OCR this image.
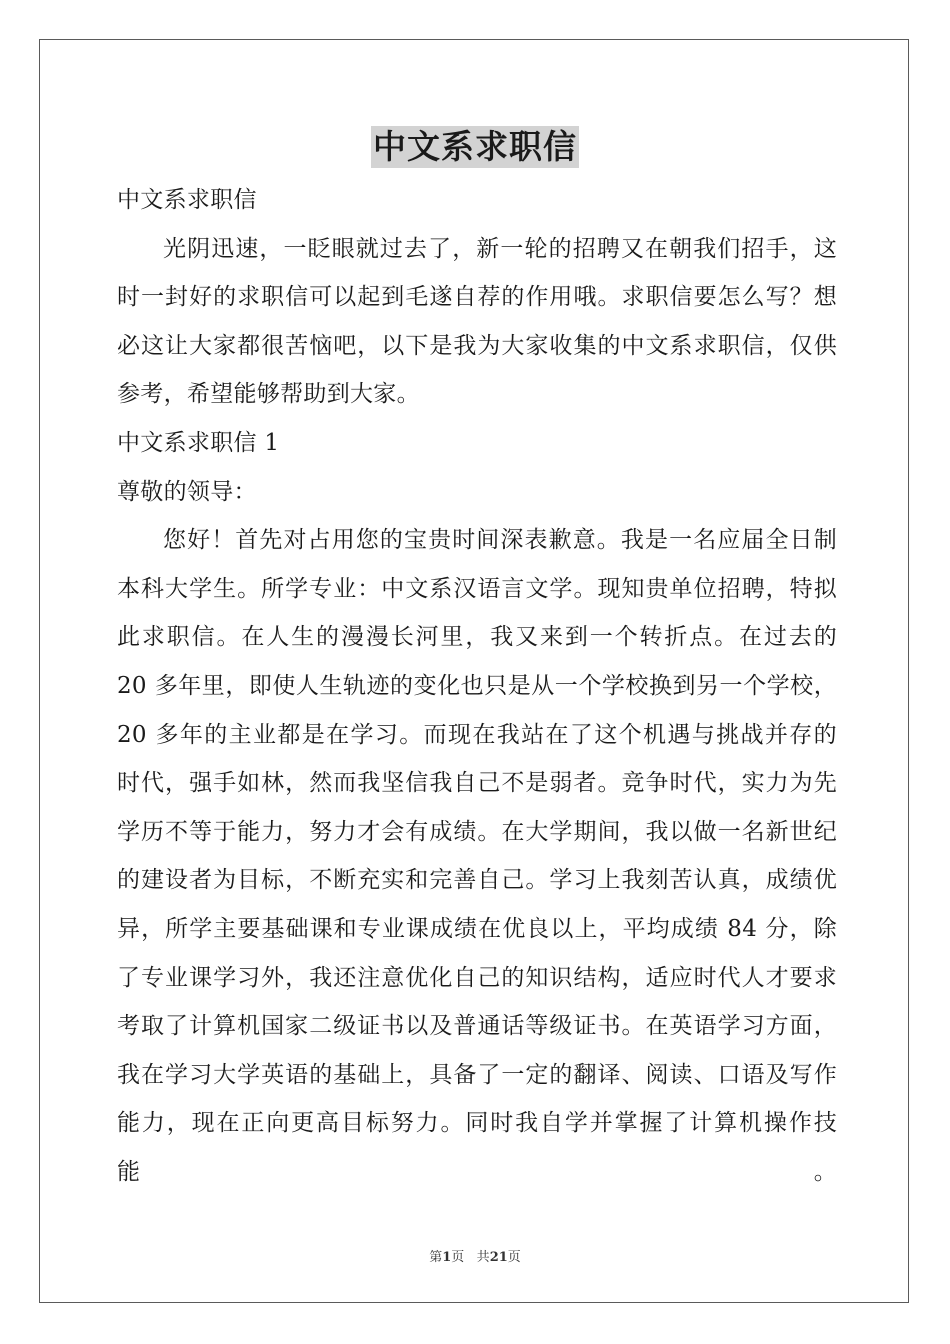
中文系求职信
中文系求职信
光阴迅速，一眨眼就过去了，新一轮的招聘又在朝我们招手，这
时一封好的求职信可以起到毛遂自荐的作用哦。求职信要怎么写？想
必这让大家都很苦恼吧，以下是我为大家收集的中文系求职信，仅供
参考，希望能够帮助到大家。
中文系求职信 1
尊敬的领导：
您好！首先对占用您的宝贵时间深表歉意。我是一名应届全日制
本科大学生。所学专业：中文系汉语言文学。现知贵单位招聘，特拟
此求职信。在人生的漫漫长河里，我又来到一个转折点。在过去的
20 多年里，即使人生轨迹的变化也只是从一个学校换到另一个学校，
20 多年的主业都是在学习。而现在我站在了这个机遇与挑战并存的
时代，强手如林，然而我坚信我自己不是弱者。竞争时代，实力为先
学历不等于能力，努力才会有成绩。在大学期间，我以做一名新世纪
的建设者为目标，不断充实和完善自己。学习上我刻苦认真，成绩优
异，所学主要基础课和专业课成绩在优良以上，平均成绩 84 分，除
了专业课学习外，我还注意优化自己的知识结构，适应时代人才要求
考取了计算机国家二级证书以及普通话等级证书。在英语学习方面，
我在学习大学英语的基础上，具备了一定的翻译、阅读、口语及写作
能力，现在正向更高目标努力。同时我自学并掌握了计算机操作技能。
第1页 共21页
